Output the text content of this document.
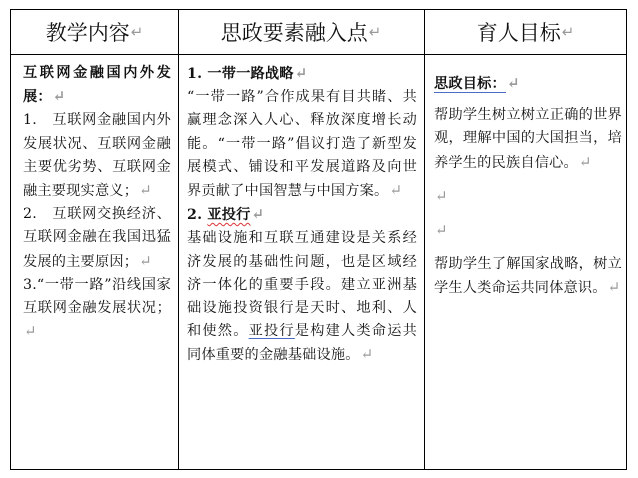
教学内容 ↵	思政要素融入点 ↵	育人目标 ↵

互联网金融国内外发展：↵

1.　互联网金融国内外发展状况、互联网金融主要优劣势、互联网金融主要现实意义；↵

2.　互联网交换经济、互联网金融在我国迅猛发展的主要原因；↵

3.“一带一路”沿线国家互联网金融发展状况；↵

1. 一带一路战略↵

“一带一路”合作成果有目共睹、共赢理念深入人心、释放深度增长动能。“一带一路”倡议打造了新型发展模式、铺设和平发展道路及向世界贡献了中国智慧与中国方案。↵

2. 亚投行↵

基础设施和互联互通建设是关系经济发展的基础性问题，也是区域经济一体化的重要手段。建立亚洲基础设施投资银行是天时、地利、人和使然。亚投行是构建人类命运共同体重要的金融基础设施。↵

思政目标：↵

帮助学生树立树立正确的世界观，理解中国的大国担当，培养学生的民族自信心。↵

↵

↵

帮助学生了解国家战略，树立学生人类命运共同体意识。↵
